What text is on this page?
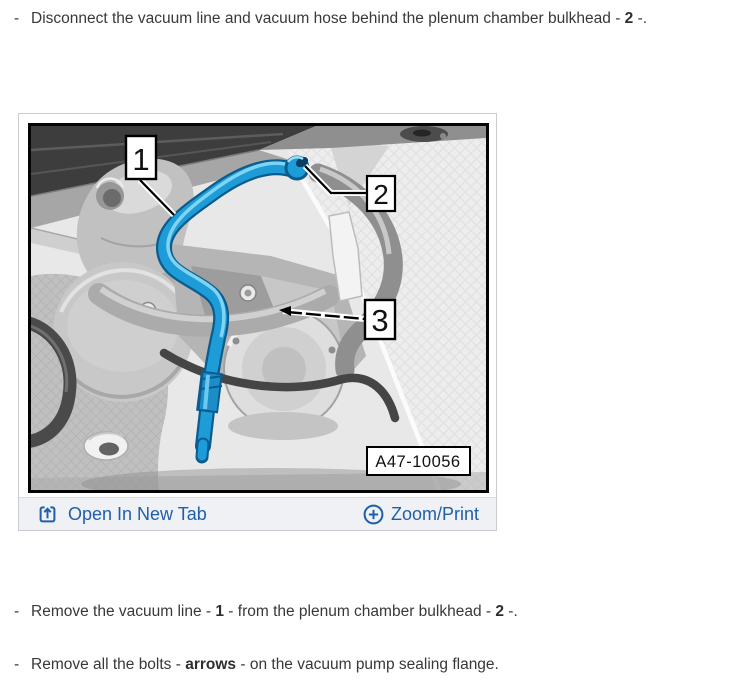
- Disconnect the vacuum line and vacuum hose behind the plenum chamber bulkhead - 2 -.
1
2
3
A47-10056
Open In New Tab	Zoom/Print
- Remove the vacuum line - 1 - from the plenum chamber bulkhead - 2 -.
- Remove all the bolts - arrows - on the vacuum pump sealing flange.
